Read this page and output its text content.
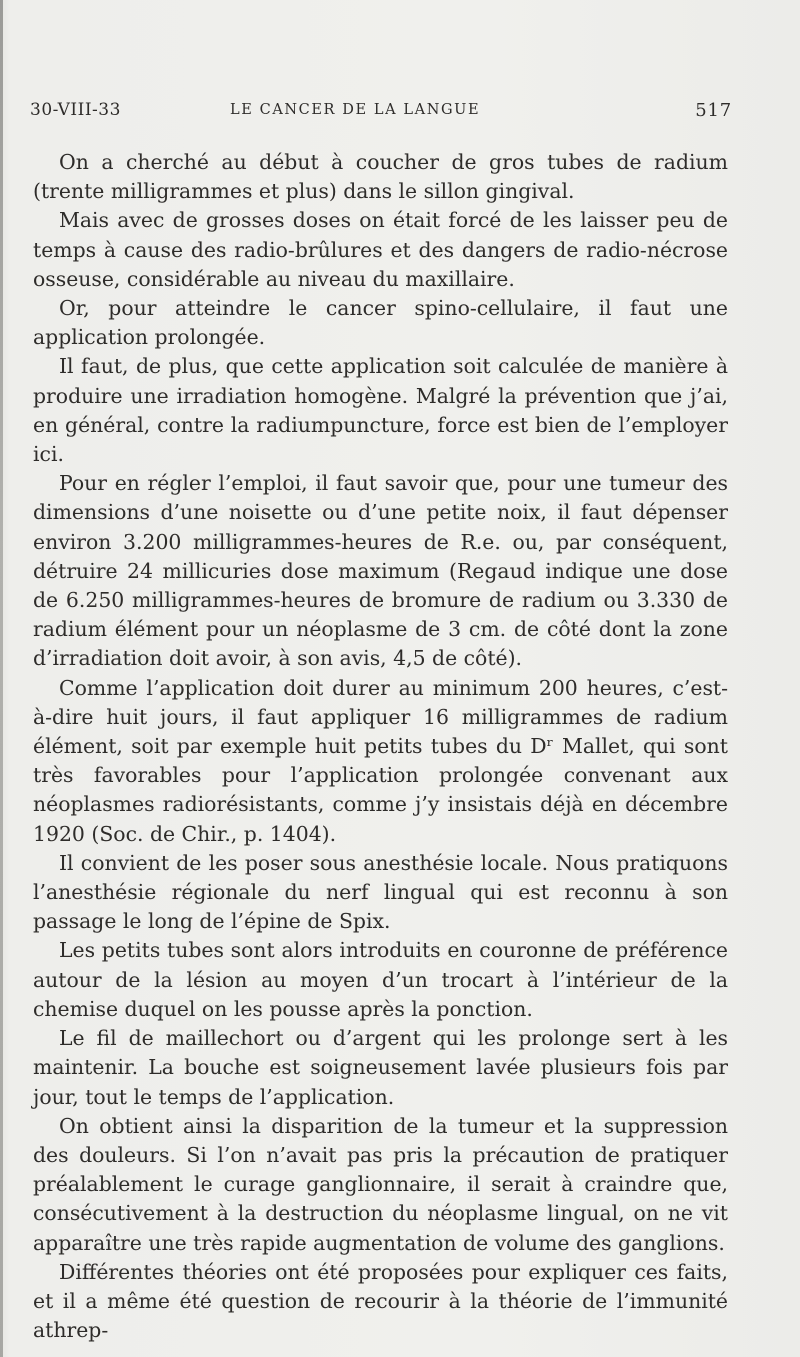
30-VIII-33	LE CANCER DE LA LANGUE	517

On a cherché au début à coucher de gros tubes de radium (trente milligrammes et plus) dans le sillon gingival.

Mais avec de grosses doses on était forcé de les laisser peu de temps à cause des radio-brûlures et des dangers de radio-nécrose osseuse, considérable au niveau du maxillaire.

Or, pour atteindre le cancer spino-cellulaire, il faut une application prolongée.

Il faut, de plus, que cette application soit calculée de manière à produire une irradiation homogène. Malgré la prévention que j’ai, en général, contre la radiumpuncture, force est bien de l’employer ici.

Pour en régler l’emploi, il faut savoir que, pour une tumeur des dimensions d’une noisette ou d’une petite noix, il faut dépenser environ 3.200 milligrammes-heures de R.e. ou, par conséquent, détruire 24 millicuries dose maximum (Regaud indique une dose de 6.250 milligrammes-heures de bromure de radium ou 3.330 de radium élément pour un néoplasme de 3 cm. de côté dont la zone d’irradiation doit avoir, à son avis, 4,5 de côté).

Comme l’application doit durer au minimum 200 heures, c’est-à-dire huit jours, il faut appliquer 16 milligrammes de radium élément, soit par exemple huit petits tubes du Dʳ Mallet, qui sont très favorables pour l’application prolongée convenant aux néoplasmes radiorésistants, comme j’y insistais déjà en décembre 1920 (Soc. de Chir., p. 1404).

Il convient de les poser sous anesthésie locale. Nous pratiquons l’anesthésie régionale du nerf lingual qui est reconnu à son passage le long de l’épine de Spix.

Les petits tubes sont alors introduits en couronne de préférence autour de la lésion au moyen d’un trocart à l’intérieur de la chemise duquel on les pousse après la ponction.

Le fil de maillechort ou d’argent qui les prolonge sert à les maintenir. La bouche est soigneusement lavée plusieurs fois par jour, tout le temps de l’application.

On obtient ainsi la disparition de la tumeur et la suppression des douleurs. Si l’on n’avait pas pris la précaution de pratiquer préalablement le curage ganglionnaire, il serait à craindre que, consécutivement à la destruction du néoplasme lingual, on ne vit apparaître une très rapide augmentation de volume des ganglions.

Différentes théories ont été proposées pour expliquer ces faits, et il a même été question de recourir à la théorie de l’immunité athrep-
